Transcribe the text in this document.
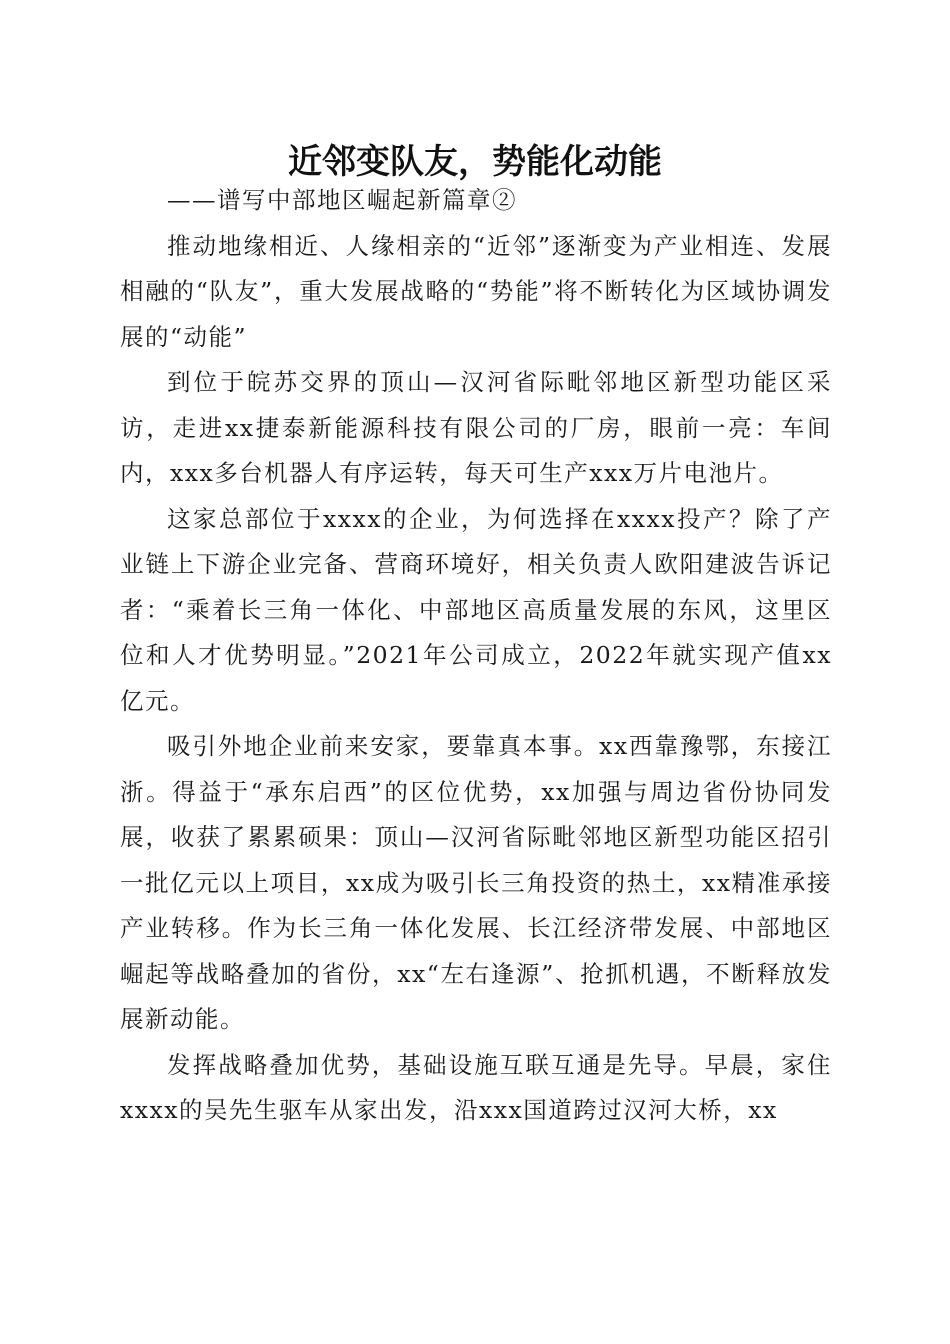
近邻变队友，势能化动能

——谱写中部地区崛起新篇章②

推动地缘相近、人缘相亲的“近邻”逐渐变为产业相连、发展相融的“队友”，重大发展战略的“势能”将不断转化为区域协调发展的“动能”

到位于皖苏交界的顶山—汉河省际毗邻地区新型功能区采访，走进xx捷泰新能源科技有限公司的厂房，眼前一亮：车间内，xxx多台机器人有序运转，每天可生产xxx万片电池片。

这家总部位于xxxx的企业，为何选择在xxxx投产？除了产业链上下游企业完备、营商环境好，相关负责人欧阳建波告诉记者：“乘着长三角一体化、中部地区高质量发展的东风，这里区位和人才优势明显。”2021年公司成立，2022年就实现产值xx亿元。

吸引外地企业前来安家，要靠真本事。xx西靠豫鄂，东接江浙。得益于“承东启西”的区位优势，xx加强与周边省份协同发展，收获了累累硕果：顶山—汉河省际毗邻地区新型功能区招引一批亿元以上项目，xx成为吸引长三角投资的热土，xx精准承接产业转移。作为长三角一体化发展、长江经济带发展、中部地区崛起等战略叠加的省份，xx“左右逢源”、抢抓机遇，不断释放发展新动能。

发挥战略叠加优势，基础设施互联互通是先导。早晨，家住xxxx的吴先生驱车从家出发，沿xxx国道跨过汉河大桥，xx
